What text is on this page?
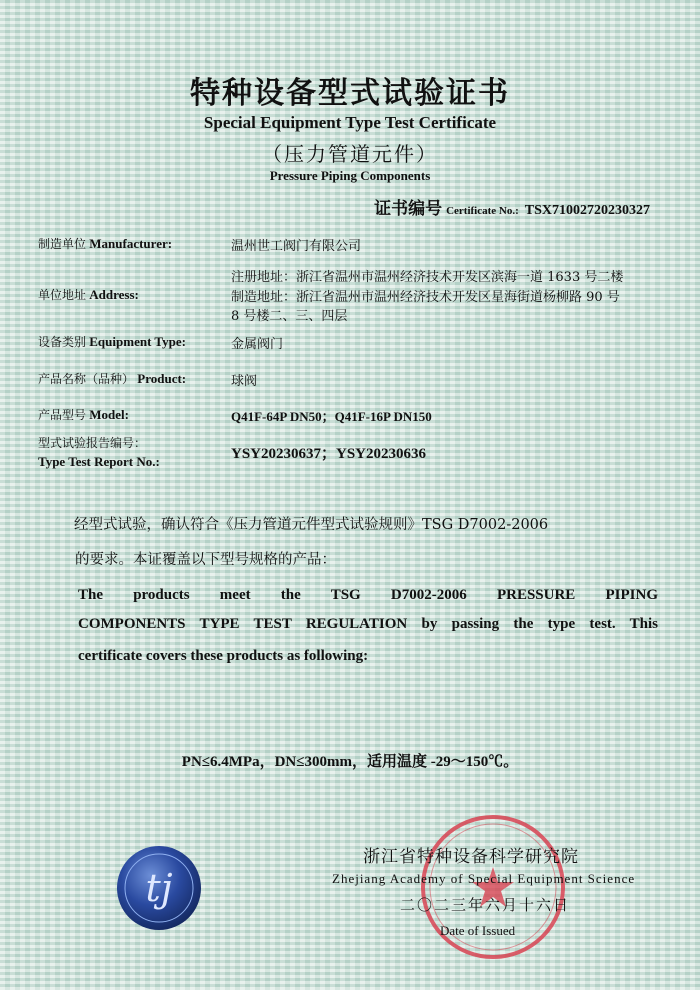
特种设备型式试验证书
Special Equipment Type Test Certificate
（压力管道元件）
Pressure Piping Components
证书编号 Certificate No.: TSX71002720230327
制造单位 Manufacturer:	温州世工阀门有限公司
单位地址 Address:
注册地址：浙江省温州市温州经济技术开发区滨海一道 1633 号二楼
制造地址：浙江省温州市温州经济技术开发区星海街道杨柳路 90 号
8 号楼二、三、四层
设备类别 Equipment Type:	金属阀门
产品名称（品种） Product:	球阀
产品型号 Model:	Q41F-64P DN50；Q41F-16P DN150
型式试验报告编号：
Type Test Report No.:	YSY20230637；YSY20230636
经型式试验，确认符合《压力管道元件型式试验规则》TSG D7002-2006
的要求。本证覆盖以下型号规格的产品：
The products meet the TSG D7002-2006 PRESSURE PIPING
COMPONENTS TYPE TEST REGULATION by passing the type test. This
certificate covers these products as following:
PN≤6.4MPa，DN≤300mm，适用温度 -29～150℃。
tj
浙江省特种设备科学研究院
Zhejiang Academy of Special Equipment Science
二〇二三年六月十六日
Date of Issued
